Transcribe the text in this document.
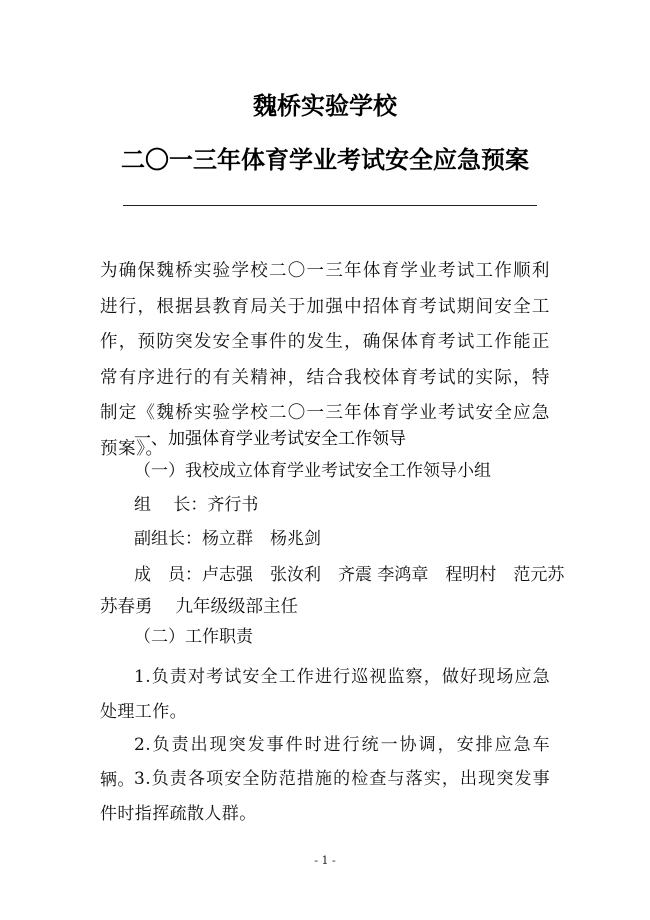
魏桥实验学校
二〇一三年体育学业考试安全应急预案
为确保魏桥实验学校二〇一三年体育学业考试工作顺利进行，根据县教育局关于加强中招体育考试期间安全工作，预防突发安全事件的发生，确保体育考试工作能正常有序进行的有关精神，结合我校体育考试的实际，特制定《魏桥实验学校二〇一三年体育学业考试安全应急预案》。
一、加强体育学业考试安全工作领导
（一）我校成立体育学业考试安全工作领导小组
组　 长：齐行书
副组长：杨立群　杨兆剑
成　员：卢志强　张汝利　齐震 李鸿章　程明村　范元苏
苏春勇　 九年级级部主任
（二）工作职责
1.负责对考试安全工作进行巡视监察，做好现场应急处理工作。
2.负责出现突发事件时进行统一协调，安排应急车辆。 3.负责各项安全防范措施的检查与落实，出现突发事件时指挥疏散人群。
- 1 -
